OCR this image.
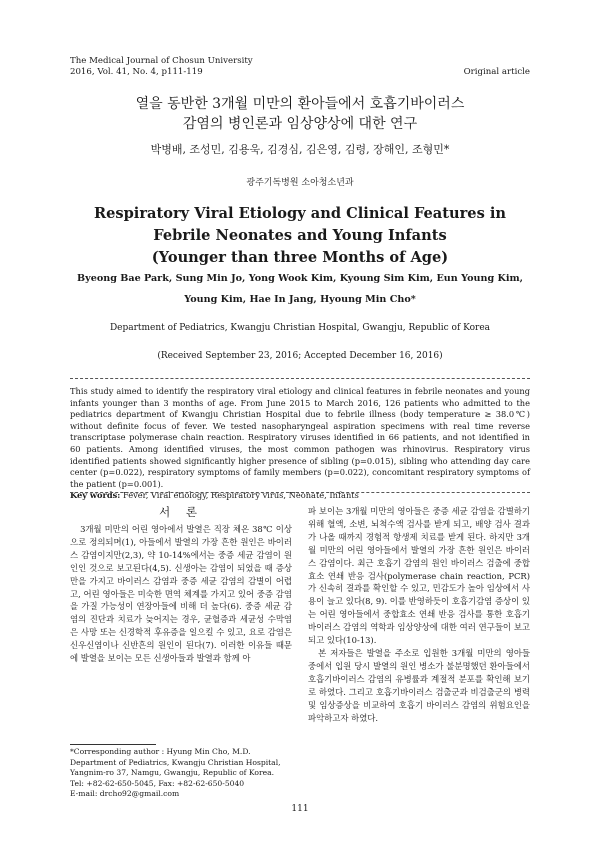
The Medical Journal of Chosun University
2016, Vol. 41, No. 4, p111-119	Original article
열을 동반한 3개월 미만의 환아들에서 호흡기바이러스
감염의 병인론과 임상양상에 대한 연구
박병배, 조성민, 김용욱, 김경심, 김은영, 김령, 장해인, 조형민*
광주기독병원 소아청소년과
Respiratory Viral Etiology and Clinical Features in
Febrile Neonates and Young Infants
(Younger than three Months of Age)
Byeong Bae Park, Sung Min Jo, Yong Wook Kim, Kyoung Sim Kim, Eun Young Kim,
Young Kim, Hae In Jang, Hyoung Min Cho*
Department of Pediatrics, Kwangju Christian Hospital, Gwangju, Republic of Korea
(Received September 23, 2016; Accepted December 16, 2016)
This study aimed to identify the respiratory viral etiology and clinical features in febrile neonates and young infants younger than 3 months of age. From June 2015 to March 2016, 126 patients who admitted to the pediatrics department of Kwangju Christian Hospital due to febrile illness (body temperature ≥ 38.0℃) without definite focus of fever. We tested nasopharyngeal aspiration specimens with real time reverse transcriptase polymerase chain reaction. Respiratory viruses identified in 66 patients, and not identified in 60 patients. Among identified viruses, the most common pathogen was rhinovirus. Respiratory virus identified patients showed significantly higher presence of sibling (p=0.015), sibling who attending day care center (p=0.022), respiratory symptoms of family members (p=0.022), concomitant respiratory symptoms of the patient (p=0.001).
Key words: Fever, Viral etiology, Respiratory virus, Neonate, Infants
서 론

3개월 미만의 어린 영아에서 발열은 직장 체온 38℃ 이상으로 정의되며(1), 아들에서 발열의 가장 흔한 원인은 바이러스 감염이지만(2,3), 약 10-14%에서는 중증 세균 감염이 원인인 것으로 보고된다(4,5). 신생아는 감염이 되었을 때 증상만을 가지고 바이러스 감염과 중증 세균 감염의 감별이 어렵고, 어린 영아들은 미숙한 면역 체계를 가지고 있어 중증 감염을 가질 가능성이 연장아들에 비해 더 높다(6). 중증 세균 감염의 진단과 치료가 늦어지는 경우, 균혈증과 세균성 수막염은 사망 또는 신경학적 후유증을 일으킬 수 있고, 요로 감염은 신우신염이나 신반흔의 원인이 된다(7). 이러한 이유들 때문에 발열을 보이는 모든 신생아들과 발열과 함께 아

파 보이는 3개월 미만의 영아들은 중증 세균 감염을 감별하기 위해 혈액, 소변, 뇌척수액 검사를 받게 되고, 배양 검사 결과가 나올 때까지 경험적 항생제 치료를 받게 된다. 하지만 3개월 미만의 어린 영아들에서 발열의 가장 흔한 원인은 바이러스 감염이다. 최근 호흡기 감염의 원인 바이러스 검출에 중합효소 연쇄 반응 검사(polymerase chain reaction, PCR)가 신속히 결과를 확인할 수 있고, 민감도가 높아 임상에서 사용이 늘고 있다(8, 9). 이를 반영하듯이 호흡기감염 증상이 있는 어린 영아들에서 중합효소 연쇄 반응 검사를 통한 호흡기바이러스 감염의 역학과 임상양상에 대한 여러 연구들이 보고되고 있다(10-13).

본 저자들은 발열을 주소로 입원한 3개월 미만의 영아들 중에서 입원 당시 발열의 원인 병소가 불분명했던 환아들에서 호흡기바이러스 감염의 유병률과 계절적 분포를 확인해 보기로 하였다. 그리고 호흡기바이러스 검출군과 비검출군의 병력 및 임상증상을 비교하여 호흡기 바이러스 감염의 위험요인을 파악하고자 하였다.

*Corresponding author : Hyung Min Cho, M.D.
Department of Pediatrics, Kwangju Christian Hospital,
Yangnim-ro 37, Namgu, Gwangju, Republic of Korea.
Tel: +82-62-650-5045, Fax: +82-62-650-5040
E-mail: drcho92@gmail.com
111
